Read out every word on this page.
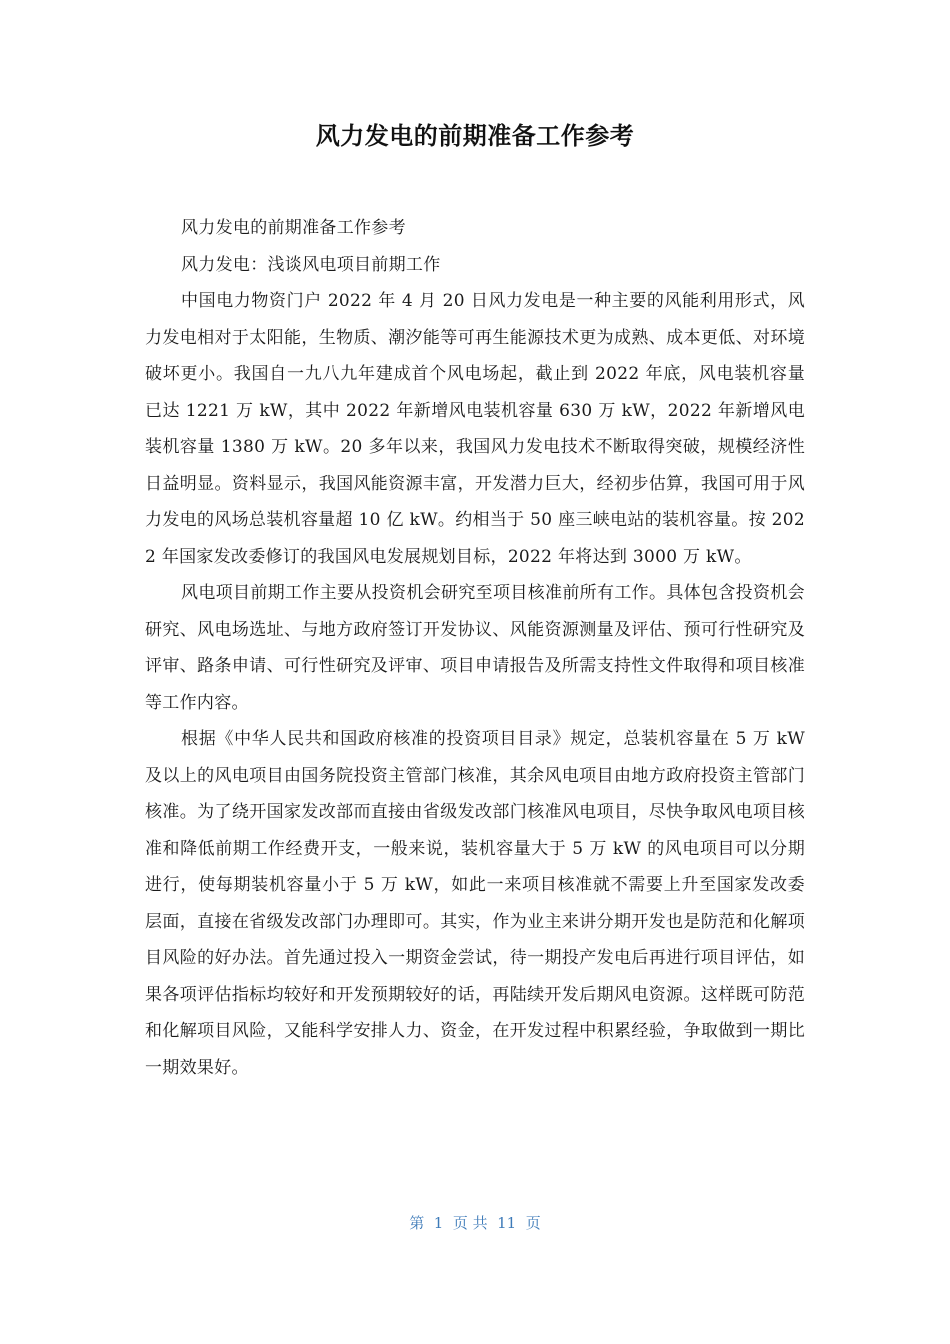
风力发电的前期准备工作参考

风力发电的前期准备工作参考

风力发电：浅谈风电项目前期工作

中国电力物资门户 2022 年 4 月 20 日风力发电是一种主要的风能利用形式，风力发电相对于太阳能，生物质、潮汐能等可再生能源技术更为成熟、成本更低、对环境破坏更小。我国自一九八九年建成首个风电场起，截止到 2022 年底，风电装机容量已达 1221 万 kW，其中 2022 年新增风电装机容量 630 万 kW，2022 年新增风电装机容量 1380 万 kW。20 多年以来，我国风力发电技术不断取得突破，规模经济性日益明显。资料显示，我国风能资源丰富，开发潜力巨大，经初步估算，我国可用于风力发电的风场总装机容量超 10 亿 kW。约相当于 50 座三峡电站的装机容量。按 2022 年国家发改委修订的我国风电发展规划目标，2022 年将达到 3000 万 kW。

风电项目前期工作主要从投资机会研究至项目核准前所有工作。具体包含投资机会研究、风电场选址、与地方政府签订开发协议、风能资源测量及评估、预可行性研究及评审、路条申请、可行性研究及评审、项目申请报告及所需支持性文件取得和项目核准等工作内容。

根据《中华人民共和国政府核准的投资项目目录》规定，总装机容量在 5 万 kW 及以上的风电项目由国务院投资主管部门核准，其余风电项目由地方政府投资主管部门核准。为了绕开国家发改部而直接由省级发改部门核准风电项目，尽快争取风电项目核准和降低前期工作经费开支，一般来说，装机容量大于 5 万 kW 的风电项目可以分期进行，使每期装机容量小于 5 万 kW，如此一来项目核准就不需要上升至国家发改委层面，直接在省级发改部门办理即可。其实，作为业主来讲分期开发也是防范和化解项目风险的好办法。首先通过投入一期资金尝试，待一期投产发电后再进行项目评估，如果各项评估指标均较好和开发预期较好的话，再陆续开发后期风电资源。这样既可防范和化解项目风险，又能科学安排人力、资金，在开发过程中积累经验，争取做到一期比一期效果好。

第  1  页 共  11  页
